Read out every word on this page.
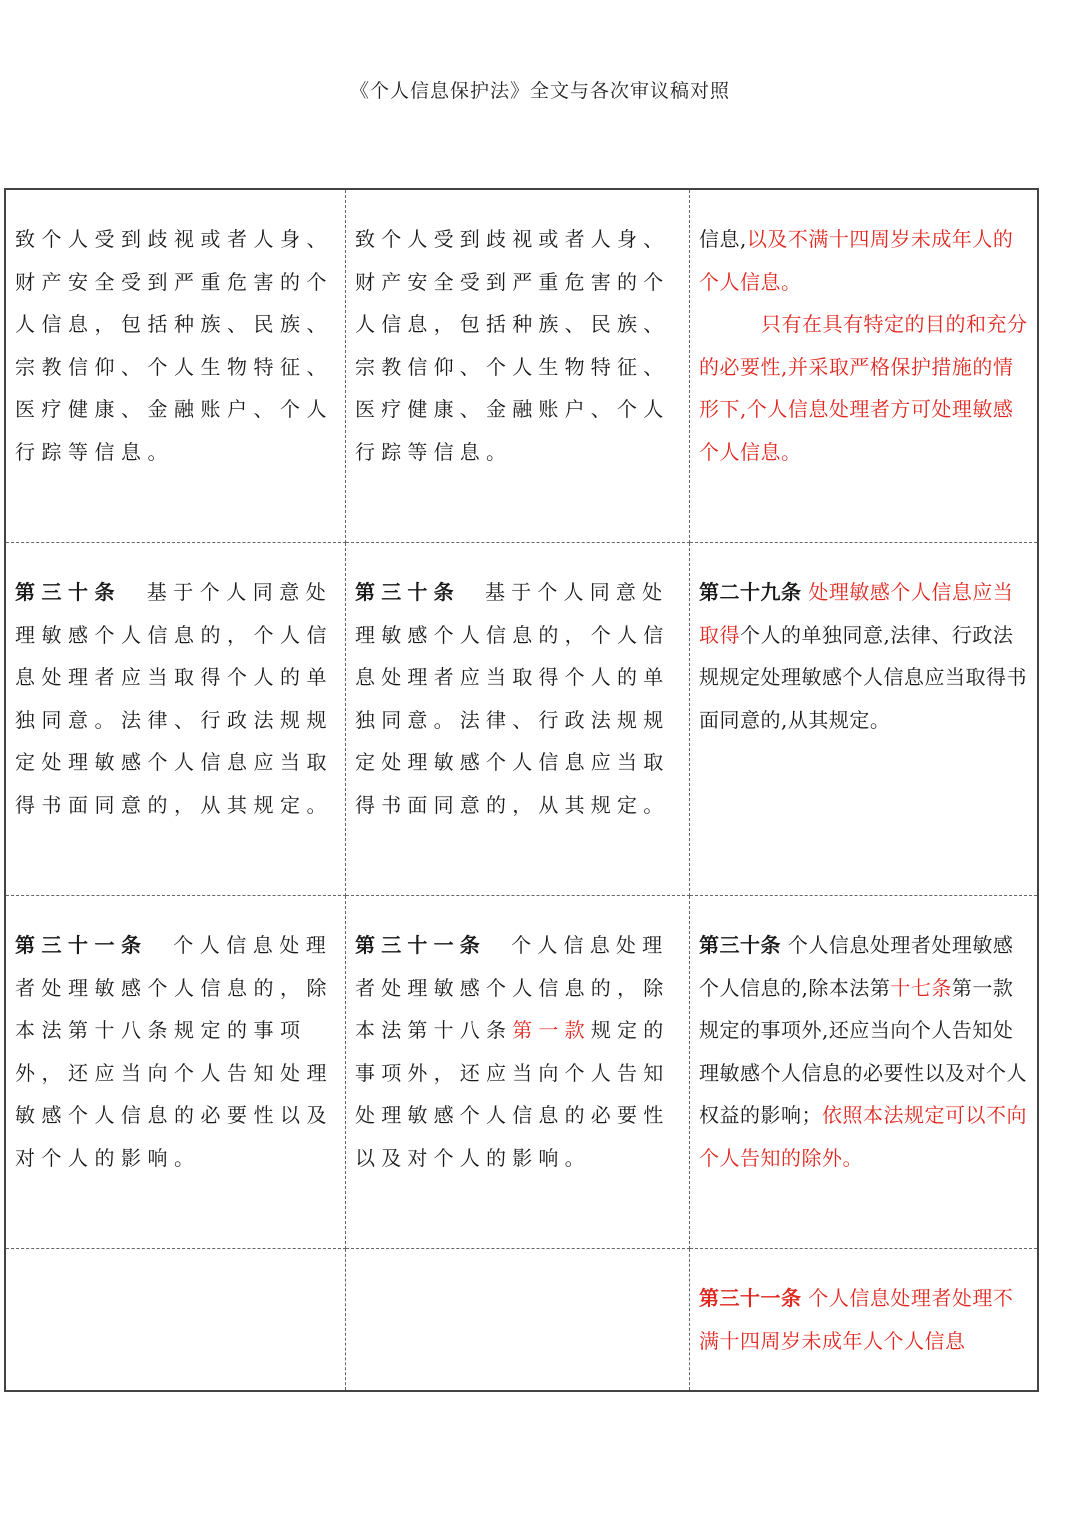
《个人信息保护法》全文与各次审议稿对照
致个人受到歧视或者人身、财产安全受到严重危害的个人信息，包括种族、民族、宗教信仰、个人生物特征、医疗健康、金融账户、个人行踪等信息。	致个人受到歧视或者人身、财产安全受到严重危害的个人信息，包括种族、民族、宗教信仰、个人生物特征、医疗健康、金融账户、个人行踪等信息。	信息,以及不满十四周岁未成年人的个人信息。
只有在具有特定的目的和充分的必要性,并采取严格保护措施的情形下,个人信息处理者方可处理敏感个人信息。
第三十条 基于个人同意处理敏感个人信息的，个人信息处理者应当取得个人的单独同意。法律、行政法规规定处理敏感个人信息应当取得书面同意的，从其规定。	第三十条 基于个人同意处理敏感个人信息的，个人信息处理者应当取得个人的单独同意。法律、行政法规规定处理敏感个人信息应当取得书面同意的，从其规定。	第二十九条 处理敏感个人信息应当取得个人的单独同意,法律、行政法规规定处理敏感个人信息应当取得书面同意的,从其规定。
第三十一条 个人信息处理者处理敏感个人信息的，除本法第十八条规定的事项外，还应当向个人告知处理敏感个人信息的必要性以及对个人的影响。	第三十一条 个人信息处理者处理敏感个人信息的，除本法第十八条第一款规定的事项外，还应当向个人告知处理敏感个人信息的必要性以及对个人的影响。	第三十条 个人信息处理者处理敏感个人信息的,除本法第十七条第一款规定的事项外,还应当向个人告知处理敏感个人信息的必要性以及对个人权益的影响；依照本法规定可以不向个人告知的除外。
		第三十一条 个人信息处理者处理不满十四周岁未成年人个人信息
